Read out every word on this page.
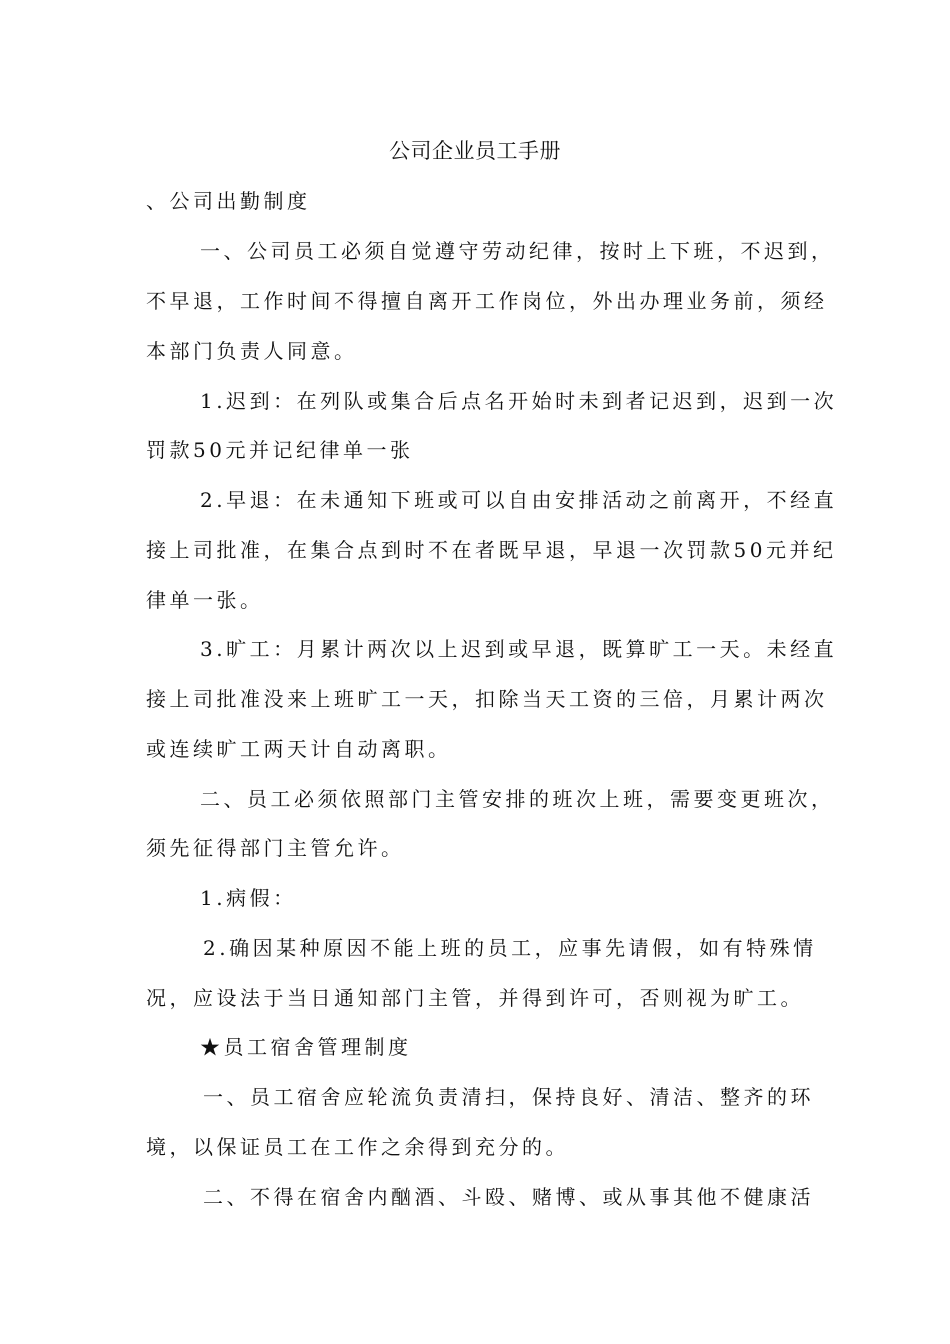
公司企业员工手册
、公司出勤制度
一、公司员工必须自觉遵守劳动纪律，按时上下班，不迟到，
不早退，工作时间不得擅自离开工作岗位，外出办理业务前，须经
本部门负责人同意。
1.迟到：在列队或集合后点名开始时未到者记迟到，迟到一次
罚款50元并记纪律单一张
2.早退：在未通知下班或可以自由安排活动之前离开，不经直
接上司批准，在集合点到时不在者既早退，早退一次罚款50元并纪
律单一张。
3.旷工：月累计两次以上迟到或早退，既算旷工一天。未经直
接上司批准没来上班旷工一天，扣除当天工资的三倍，月累计两次
或连续旷工两天计自动离职。
二、员工必须依照部门主管安排的班次上班，需要变更班次，
须先征得部门主管允许。
1.病假：
2.确因某种原因不能上班的员工，应事先请假，如有特殊情
况，应设法于当日通知部门主管，并得到许可，否则视为旷工。
★员工宿舍管理制度
一、员工宿舍应轮流负责清扫，保持良好、清洁、整齐的环
境，以保证员工在工作之余得到充分的。
二、不得在宿舍内酗酒、斗殴、赌博、或从事其他不健康活
